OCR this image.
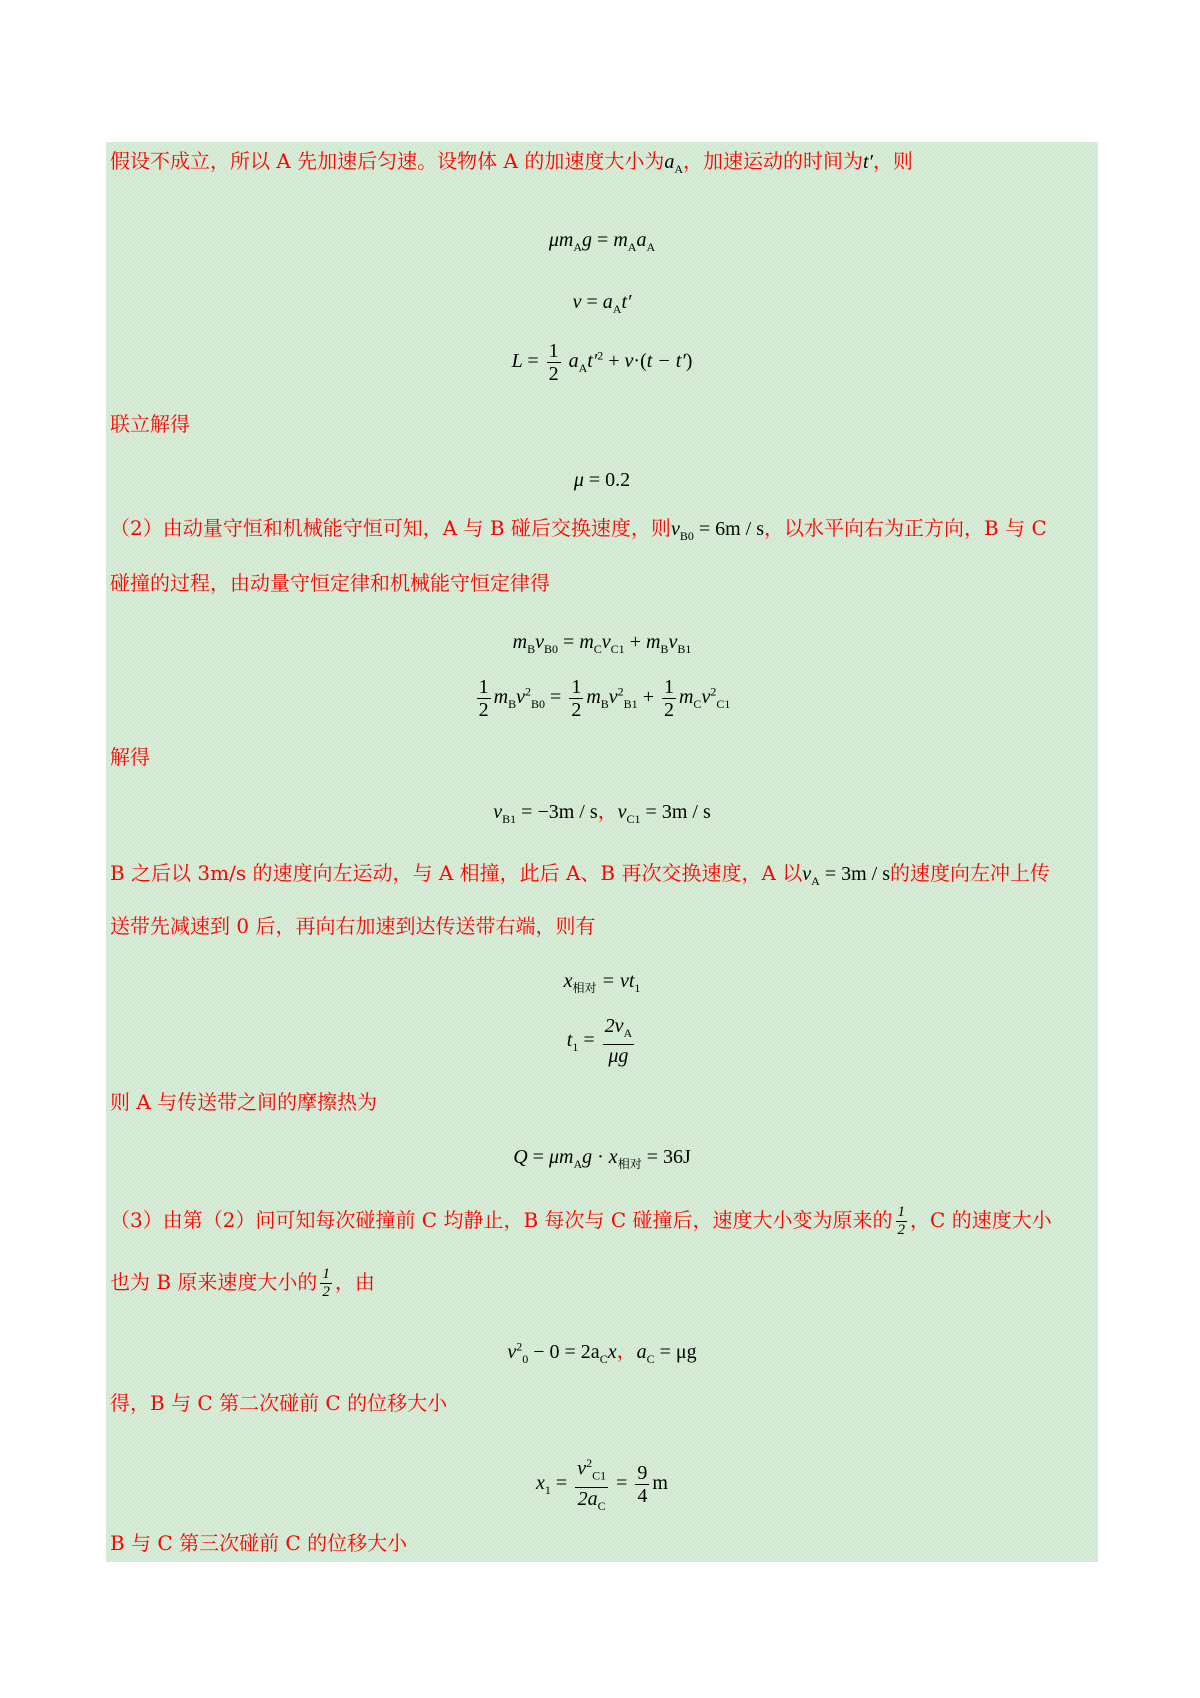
假设不成立，所以 A 先加速后匀速。设物体 A 的加速度大小为$a_A$，加速运动的时间为t′，则
$\mu m_Ag = m_Aa_A$
$v = a_At'$
$L = \frac{1}{2} a_At'^2 + v\cdot(t - t')$
联立解得
μ = 0.2
（2）由动量守恒和机械能守恒可知，A 与 B 碰后交换速度，则$v_{B0} = 6m / s$，以水平向右为正方向，B 与 C
碰撞的过程，由动量守恒定律和机械能守恒定律得
$m_Bv_{B0} = m_Cv_{C1} + m_Bv_{B1}$
$\frac{1}{2} m_Bv^2_{B0} = \frac{1}{2} m_Bv^2_{B1} + \frac{1}{2} m_Cv^2_{C1}$
解得
$v_{B1} = -3m / s$，$v_{C1} = 3m / s$
B 之后以 3m/s 的速度向左运动，与 A 相撞，此后 A、B 再次交换速度，A 以$v_A = 3m / s$的速度向左冲上传
送带先减速到 0 后，再向右加速到达传送带右端，则有
$x_{相对} = vt_1$
$t_1 = \frac{2v_A}{\mu g}$
则 A 与传送带之间的摩擦热为
$Q = \mu m_Ag \cdot x_{相对} = 36J$
（3）由第（2）问可知每次碰撞前 C 均静止，B 每次与 C 碰撞后，速度大小变为原来的 $\frac{1}{2}$ ，C 的速度大小
也为 B 原来速度大小的 $\frac{1}{2}$ ，由
$v^2_0 - 0 = 2a_Cx$，$a_C = \mu g$
得，B 与 C 第二次碰前 C 的位移大小
$x_1 = \frac{v^2_{C1}}{2a_C} = \frac{9}{4}$ m
B 与 C 第三次碰前 C 的位移大小
